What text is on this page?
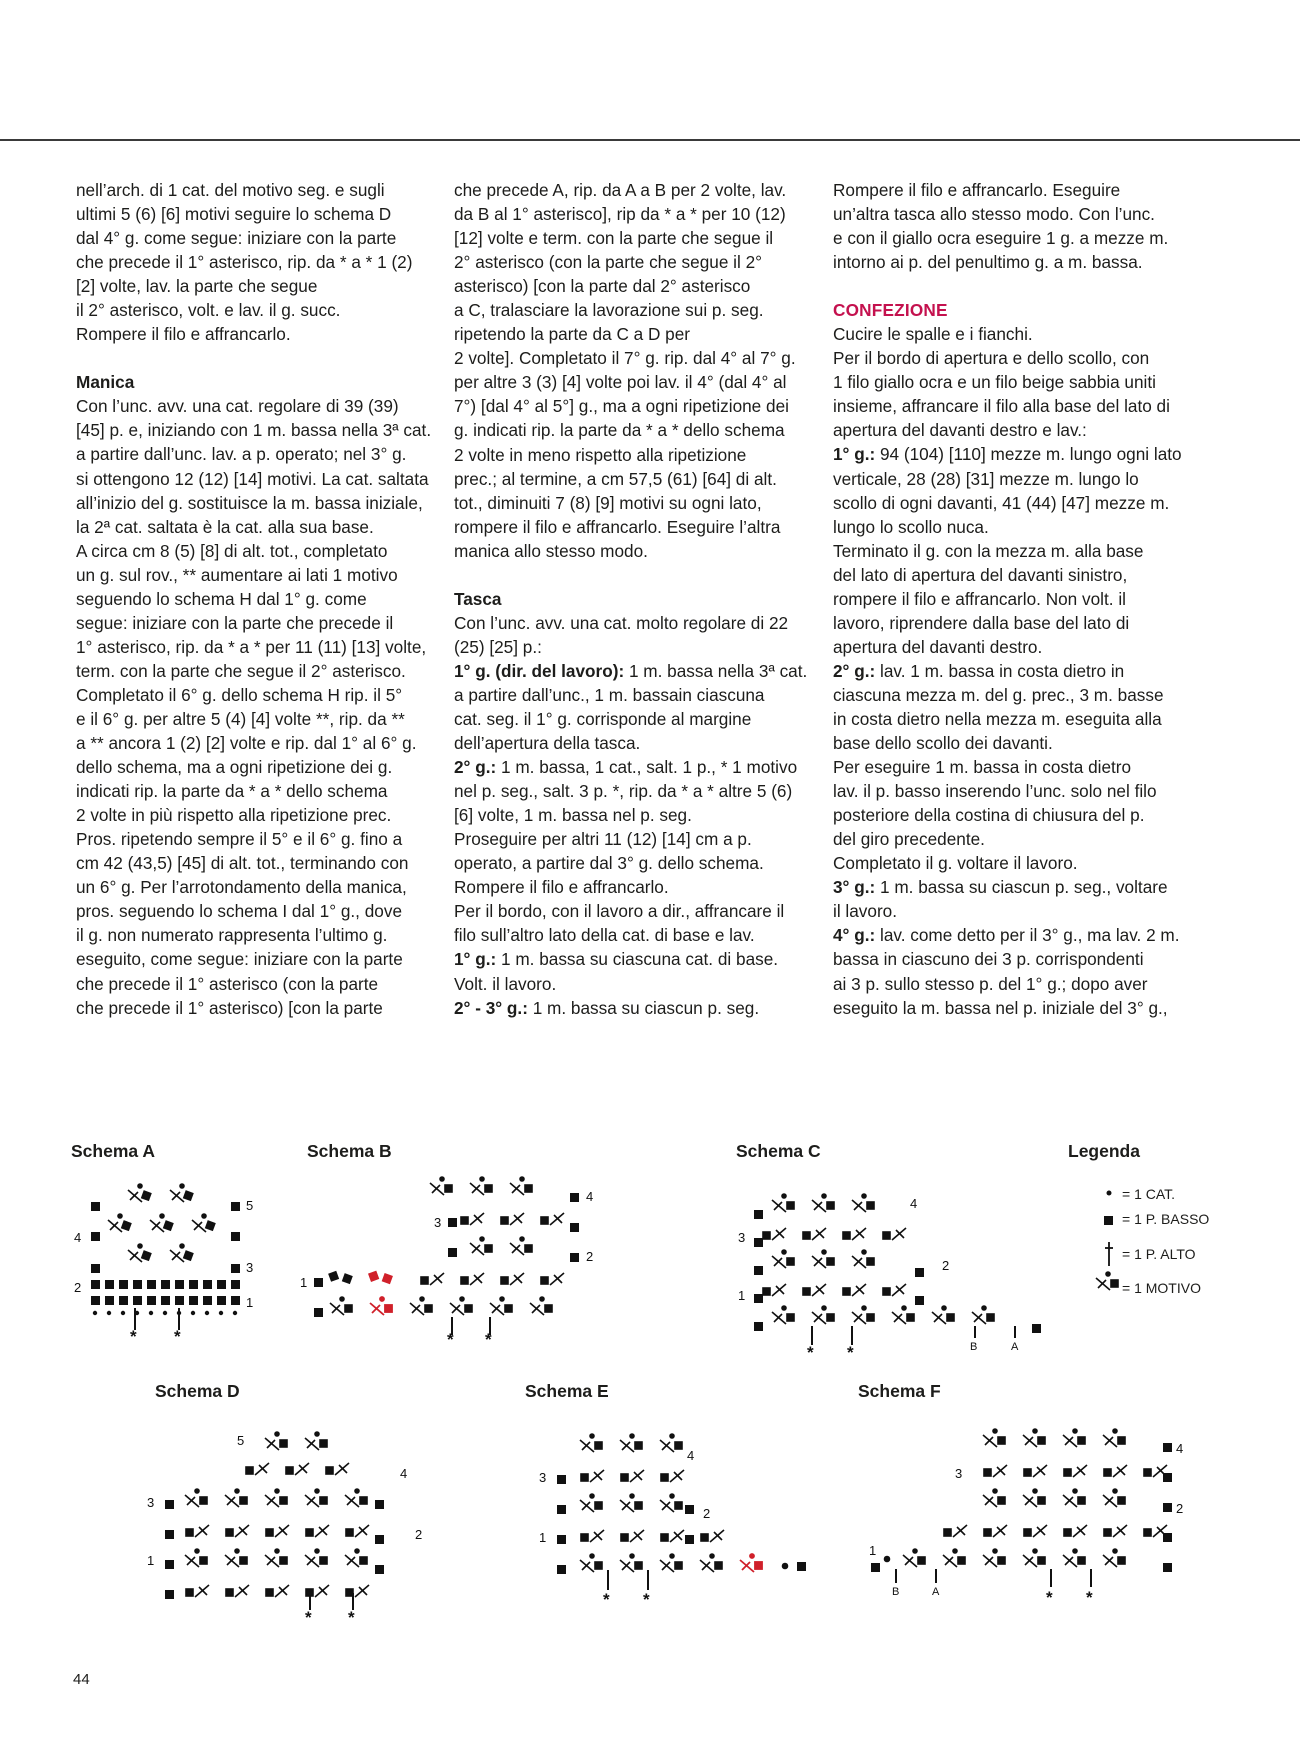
nell’arch. di 1 cat. del motivo seg. e sugli

ultimi 5 (6) [6] motivi seguire lo schema D

dal 4° g. come segue: iniziare con la parte

che precede il 1° asterisco, rip. da * a * 1 (2)

[2] volte, lav. la parte che segue

il 2° asterisco, volt. e lav. il g. succ.

Rompere il filo e affrancarlo.

Manica

Con l’unc. avv. una cat. regolare di 39 (39)

[45] p. e, iniziando con 1 m. bassa nella 3ª cat.

a partire dall’unc. lav. a p. operato; nel 3° g.

si ottengono 12 (12) [14] motivi. La cat. saltata

all’inizio del g. sostituisce la m. bassa iniziale,

la 2ª cat. saltata è la cat. alla sua base.

A circa cm 8 (5) [8] di alt. tot., completato

un g. sul rov., ** aumentare ai lati 1 motivo

seguendo lo schema H dal 1° g. come

segue: iniziare con la parte che precede il

1° asterisco, rip. da * a * per 11 (11) [13] volte,

term. con la parte che segue il 2° asterisco.

Completato il 6° g. dello schema H rip. il 5°

e il 6° g. per altre 5 (4) [4] volte **, rip. da **

a ** ancora 1 (2) [2] volte e rip. dal 1° al 6° g.

dello schema, ma a ogni ripetizione dei g.

indicati rip. la parte da * a * dello schema

2 volte in più rispetto alla ripetizione prec.

Pros. ripetendo sempre il 5° e il 6° g. fino a

cm 42 (43,5) [45] di alt. tot., terminando con

un 6° g. Per l’arrotondamento della manica,

pros. seguendo lo schema I dal 1° g., dove

il g. non numerato rappresenta l’ultimo g.

eseguito, come segue: iniziare con la parte

che precede il 1° asterisco (con la parte

che precede il 1° asterisco) [con la parte

che precede A, rip. da A a B per 2 volte, lav.

da B al 1° asterisco], rip da * a * per 10 (12)

[12] volte e term. con la parte che segue il

2° asterisco (con la parte che segue il 2°

asterisco) [con la parte dal 2° asterisco

a C, tralasciare la lavorazione sui p. seg.

ripetendo la parte da C a D per

2 volte]. Completato il 7° g. rip. dal 4° al 7° g.

per altre 3 (3) [4] volte poi lav. il 4° (dal 4° al

7°) [dal 4° al 5°] g., ma a ogni ripetizione dei

g. indicati rip. la parte da * a * dello schema

2 volte in meno rispetto alla ripetizione

prec.; al termine, a cm 57,5 (61) [64] di alt.

tot., diminuiti 7 (8) [9] motivi su ogni lato,

rompere il filo e affrancarlo. Eseguire l’altra

manica allo stesso modo.

Tasca

Con l’unc. avv. una cat. molto regolare di 22

(25) [25] p.:

1° g. (dir. del lavoro): 1 m. bassa nella 3ª cat.

a partire dall’unc., 1 m. bassain ciascuna

cat. seg. il 1° g. corrisponde al margine

dell’apertura della tasca.

2° g.: 1 m. bassa, 1 cat., salt. 1 p., * 1 motivo

nel p. seg., salt. 3 p. *, rip. da * a * altre 5 (6)

[6] volte, 1 m. bassa nel p. seg.

Proseguire per altri 11 (12) [14] cm a p.

operato, a partire dal 3° g. dello schema.

Rompere il filo e affrancarlo.

Per il bordo, con il lavoro a dir., affrancare il

filo sull’altro lato della cat. di base e lav.

1° g.: 1 m. bassa su ciascuna cat. di base.

Volt. il lavoro.

2° - 3° g.: 1 m. bassa su ciascun p. seg.

Rompere il filo e affrancarlo. Eseguire

un’altra tasca allo stesso modo. Con l’unc.

e con il giallo ocra eseguire 1 g. a mezze m.

intorno ai p. del penultimo g. a m. bassa.

CONFEZIONE

Cucire le spalle e i fianchi.

Per il bordo di apertura e dello scollo, con

1 filo giallo ocra e un filo beige sabbia uniti

insieme, affrancare il filo alla base del lato di

apertura del davanti destro e lav.:

1° g.: 94 (104) [110] mezze m. lungo ogni lato

verticale, 28 (28) [31] mezze m. lungo lo

scollo di ogni davanti, 41 (44) [47] mezze m.

lungo lo scollo nuca.

Terminato il g. con la mezza m. alla base

del lato di apertura del davanti sinistro,

rompere il filo e affrancarlo. Non volt. il

lavoro, riprendere dalla base del lato di

apertura del davanti destro.

2° g.: lav. 1 m. bassa in costa dietro in

ciascuna mezza m. del g. prec., 3 m. basse

in costa dietro nella mezza m. eseguita alla

base dello scollo dei davanti.

Per eseguire 1 m. bassa in costa dietro

lav. il p. basso inserendo l’unc. solo nel filo

posteriore della costina di chiusura del p.

del giro precedente.

Completato il g. voltare il lavoro.

3° g.: 1 m. bassa su ciascun p. seg., voltare

il lavoro.

4° g.: lav. come detto per il 3° g., ma lav. 2 m.

bassa in ciascuno dei 3 p. corrispondenti

ai 3 p. sullo stesso p. del 1° g.; dopo aver

eseguito la m. bassa nel p. iniziale del 3° g.,

Schema A	Schema B	Schema C	Legenda
Schema D	Schema E	Schema F
5
4
3
2
1
* *
4
3
2
1
* *
4
3
2
1
* *	B	A
= 1 CAT.
= 1 P. BASSO
= 1 P. ALTO
= 1 MOTIVO
5
4
3
2
1
* *
4
3
2
1
* *
4
3
2
1
* *
B	A
44
